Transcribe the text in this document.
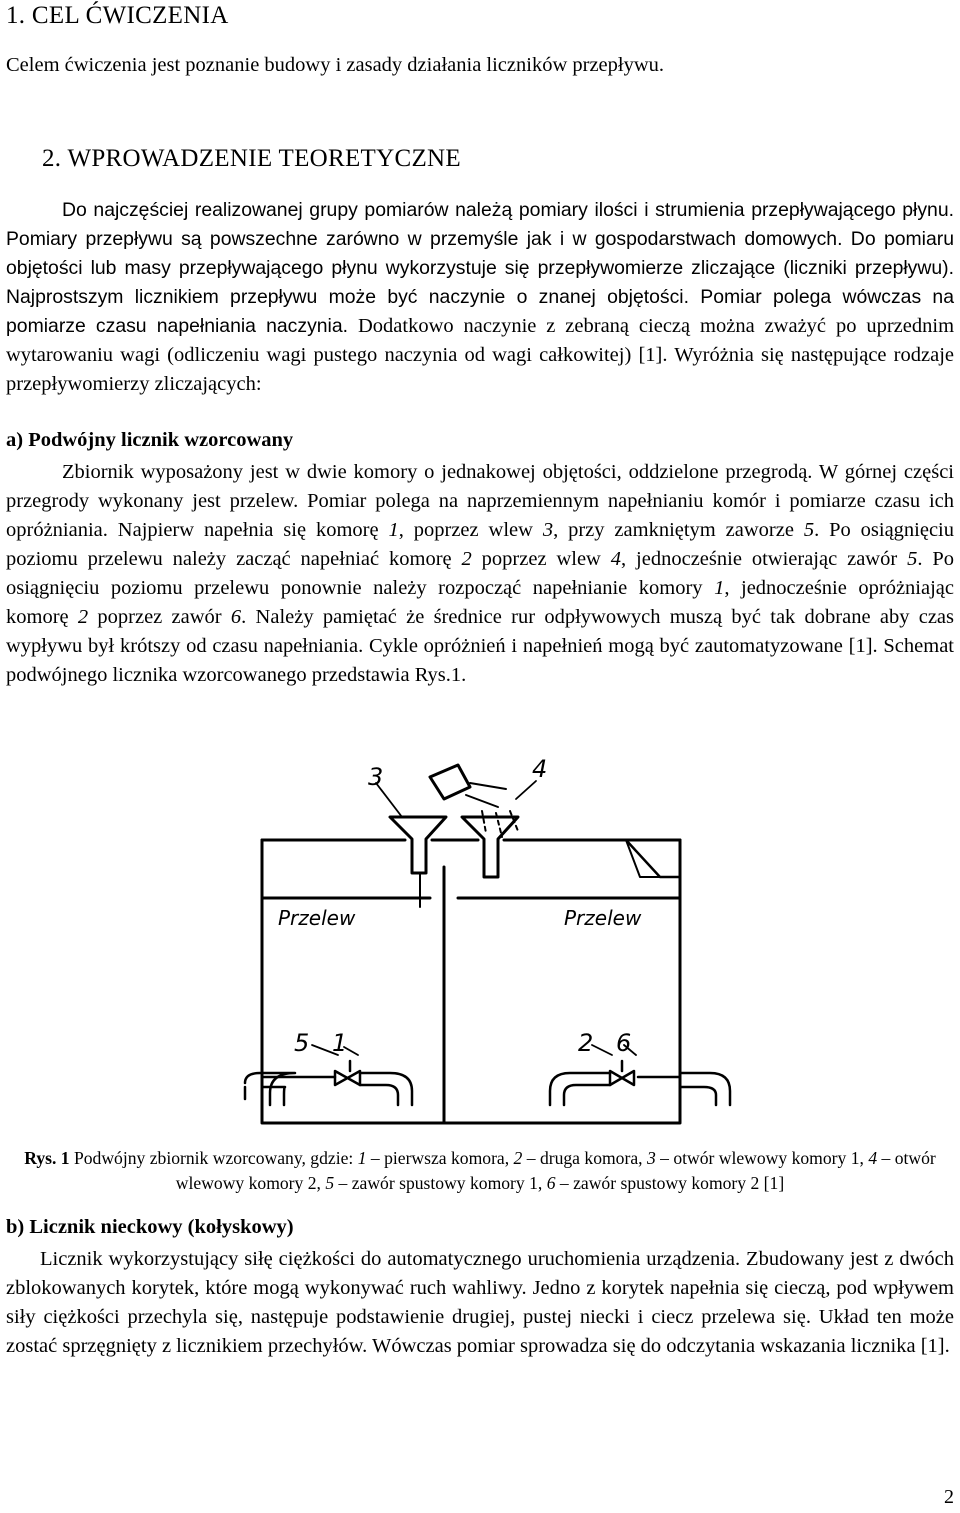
1. CEL ĆWICZENIA

Celem ćwiczenia jest poznanie budowy i zasady działania liczników przepływu.

2. WPROWADZENIE TEORETYCZNE

Do najczęściej realizowanej grupy pomiarów należą pomiary ilości i strumienia przepływającego płynu. Pomiary przepływu są powszechne zarówno w przemyśle jak i w gospodarstwach domowych. Do pomiaru objętości lub masy przepływającego płynu wykorzystuje się przepływomierze zliczające (liczniki przepływu). Najprostszym licznikiem przepływu może być naczynie o znanej objętości. Pomiar polega wówczas na pomiarze czasu napełniania naczynia. Dodatkowo naczynie z zebraną cieczą można zważyć po uprzednim wytarowaniu wagi (odliczeniu wagi pustego naczynia od wagi całkowitej) [1]. Wyróżnia się następujące rodzaje przepływomierzy zliczających:

a) Podwójny licznik wzorcowany

Zbiornik wyposażony jest w dwie komory o jednakowej objętości, oddzielone przegrodą. W górnej części przegrody wykonany jest przelew. Pomiar polega na naprzemiennym napełnianiu komór i pomiarze czasu ich opróżniania. Najpierw napełnia się komorę 1, poprzez wlew 3, przy zamkniętym zaworze 5. Po osiągnięciu poziomu przelewu należy zacząć napełniać komorę 2 poprzez wlew 4, jednocześnie otwierając zawór 5. Po osiągnięciu poziomu przelewu ponownie należy rozpocząć napełnianie komory 1, jednocześnie opróżniając komorę 2 poprzez zawór 6. Należy pamiętać że średnice rur odpływowych muszą być tak dobrane aby czas wypływu był krótszy od czasu napełniania. Cykle opróżnień i napełnień mogą być zautomatyzowane [1]. Schemat podwójnego licznika wzorcowanego przedstawia Rys.1.

3	4
Przelew	Przelew
5 1	2 6

Rys. 1 Podwójny zbiornik wzorcowany, gdzie: 1 – pierwsza komora, 2 – druga komora, 3 – otwór wlewowy komory 1, 4 – otwór wlewowy komory 2, 5 – zawór spustowy komory 1, 6 – zawór spustowy komory 2 [1]

b) Licznik nieckowy (kołyskowy)

Licznik wykorzystujący siłę ciężkości do automatycznego uruchomienia urządzenia. Zbudowany jest z dwóch zblokowanych korytek, które mogą wykonywać ruch wahliwy. Jedno z korytek napełnia się cieczą, pod wpływem siły ciężkości przechyla się, następuje podstawienie drugiej, pustej niecki i ciecz przelewa się. Układ ten może zostać sprzęgnięty z licznikiem przechyłów. Wówczas pomiar sprowadza się do odczytania wskazania licznika [1].

2
